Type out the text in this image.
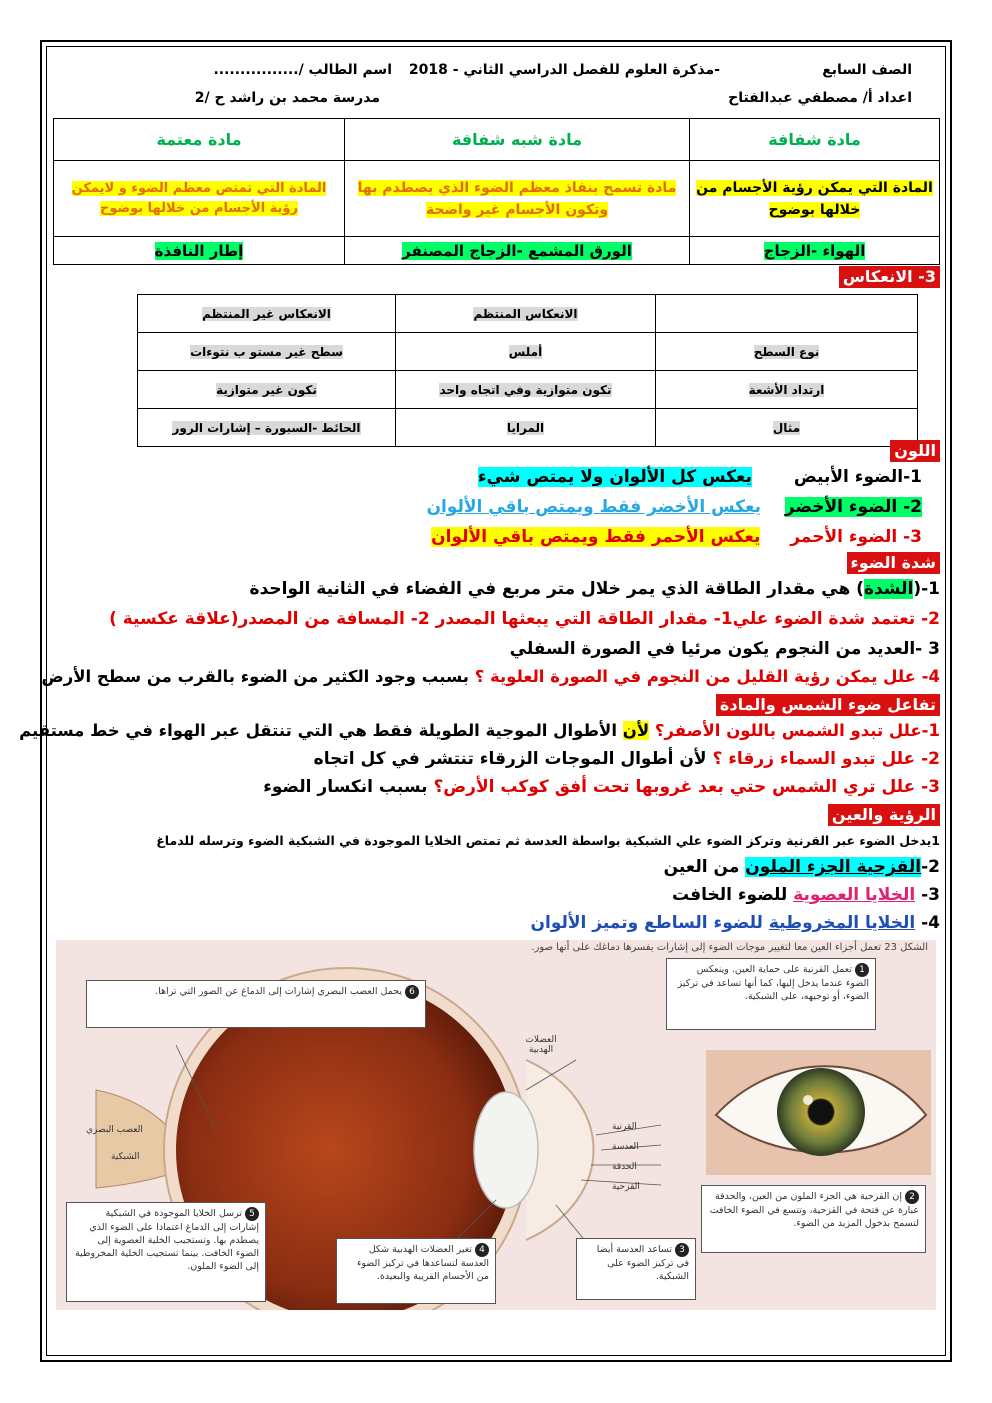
الصف السابع
-مذكرة العلوم للفصل الدراسي الثاني - 2018
اسم الطالب /................
اعداد أ/ مصطفي عبدالفتاح
مدرسة محمد بن راشد ح /2
مادة شفافة	مادة شبه شفافة	مادة معتمة
المادة التي يمكن رؤية الأجسام من خلالها بوضوح	مادة تسمح بنفاذ معظم الضوء الذي يصطدم بها وتكون الأجسام غير واضحة	المادة التي تمتص معظم الضوء و لايمكن رؤية الأجسام من خلالها بوضوح
الهواء -الزجاج	الورق المشمع -الزجاج المصنفر	إطار النافذة
3- الانعكاس
	الانعكاس المنتظم	الانعكاس غير المنتظم
نوع السطح	أملس	سطح غير مستو ب نتوءات
ارتداد الأشعة	تكون متوازية وفي اتجاه واحد	تكون غير متوازية
مثال	المرايا	الحائط -السبورة – إشارات الرور
اللون
1-الضوء الأبيض  يعكس كل الألوان ولا يمتص شيء
2- الضوء الأخضر  يعكس الأخضر فقط ويمتص باقي الألوان
3- الضوء الأحمر  يعكس الأحمر فقط ويمتص باقي الألوان
شدة الضوء
1-(الشدة) هي مقدار الطاقة الذي يمر خلال متر مربع في الفضاء في الثانية الواحدة
2- تعتمد شدة الضوء علي1- مقدار الطاقة التي يبعثها المصدر 2- المسافة من المصدر(علاقة عكسية )
3 -العديد من النجوم يكون مرئيا في الصورة السفلي
4- علل يمكن رؤية القليل من النجوم في الصورة العلوية ؟ بسبب وجود الكثير من الضوء بالقرب من سطح الأرض
تفاعل ضوء الشمس والمادة
1-علل تبدو الشمس باللون الأصفر؟ لأن الأطوال الموجية الطويلة فقط هي التي تنتقل عبر الهواء في خط مستقيم
2- علل تبدو السماء زرقاء ؟ لأن أطوال الموجات الزرقاء تنتشر في كل اتجاه
3- علل تري الشمس حتي بعد غروبها تحت أفق كوكب الأرض؟ بسبب انكسار الضوء
الرؤية والعين
1يدخل الضوء عبر القرنية وتركز الضوء علي الشبكية بواسطة العدسة ثم تمتص الخلايا الموجودة في الشبكية الضوء وترسله للدماغ
2-القزحية الجزء الملون من العين
3- الخلايا العصوية للضوء الخافت
4- الخلايا المخروطية للضوء الساطع وتميز الألوان
الشكل 23 تعمل أجزاء العين معا لتغيير موجات الضوء إلى إشارات يفسرها دماغك على أنها صور.
القرنية
العدسة
الحدقة
القزحية
العضلات الهدبية
العصب البصري
الشبكية
1تعمل القرنية على حماية العين. وينعكس الضوء عندما يدخل إليها، كما أنها تساعد في تركيز الضوء، أو توجيهه، على الشبكية.
2إن القزحية هي الجزء الملون من العين، والحدقة عبارة عن فتحة في القزحية، وتتسع في الضوء الخافت لتسمح بدخول المزيد من الضوء.
3تساعد العدسة أيضا في تركيز الضوء على الشبكية.
4تغير العضلات الهدبية شكل العدسة لتساعدها في تركيز الضوء من الأجسام القريبة والبعيدة.
5ترسل الخلايا الموجودة في الشبكية إشارات إلى الدماغ اعتمادا على الضوء الذي يصطدم بها. وتستجيب الخلية العصوية إلى الضوء الخافت. بينما تستجيب الخلية المخروطية إلى الضوء الملون.
6يحمل العصب البصري إشارات إلى الدماغ عن الصور التي تراها.
